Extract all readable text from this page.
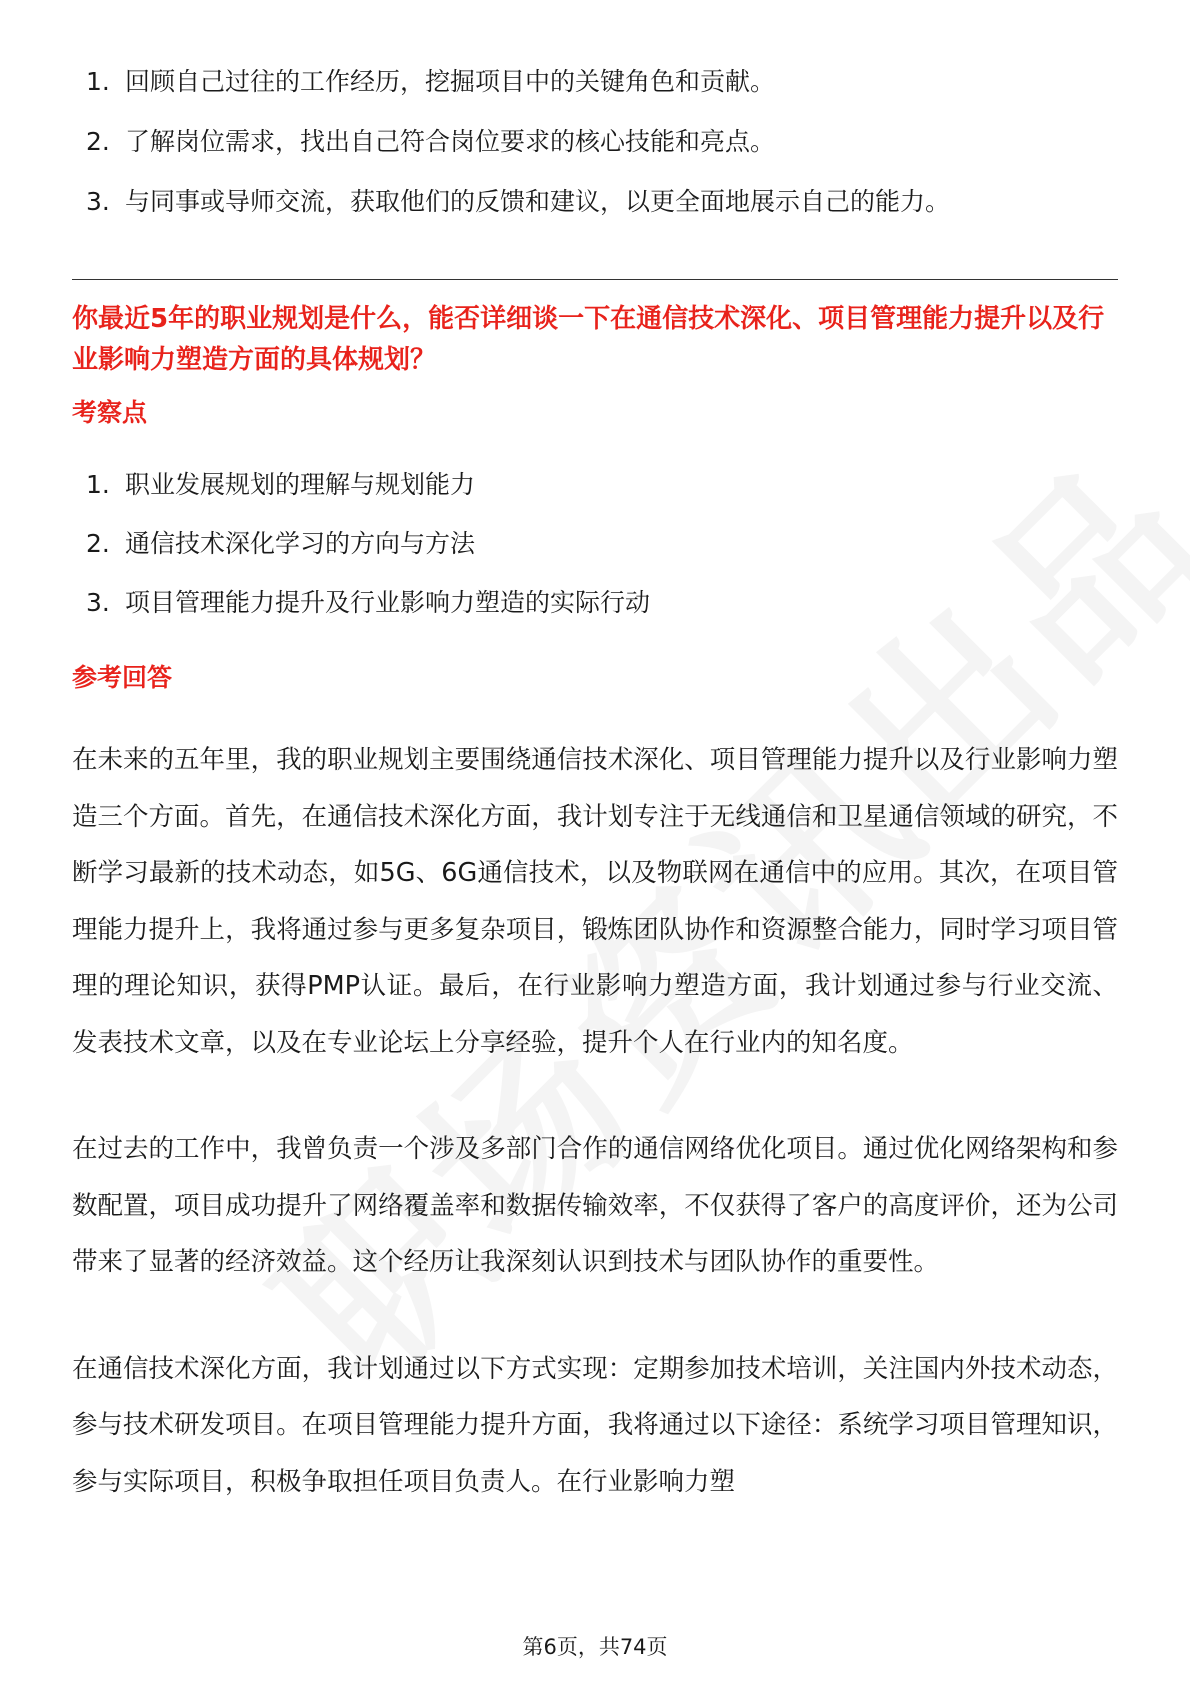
1. 回顾自己过往的工作经历，挖掘项目中的关键角色和贡献。
2. 了解岗位需求，找出自己符合岗位要求的核心技能和亮点。
3. 与同事或导师交流，获取他们的反馈和建议，以更全面地展示自己的能力。
你最近5年的职业规划是什么，能否详细谈一下在通信技术深化、项目管理能力提升以及行业影响力塑造方面的具体规划？
考察点
1. 职业发展规划的理解与规划能力
2. 通信技术深化学习的方向与方法
3. 项目管理能力提升及行业影响力塑造的实际行动
参考回答

在未来的五年里，我的职业规划主要围绕通信技术深化、项目管理能力提升以及行业影响力塑造三个方面。首先，在通信技术深化方面，我计划专注于无线通信和卫星通信领域的研究，不断学习最新的技术动态，如5G、6G通信技术，以及物联网在通信中的应用。其次，在项目管理能力提升上，我将通过参与更多复杂项目，锻炼团队协作和资源整合能力，同时学习项目管理的理论知识，获得PMP认证。最后，在行业影响力塑造方面，我计划通过参与行业交流、发表技术文章，以及在专业论坛上分享经验，提升个人在行业内的知名度。

在过去的工作中，我曾负责一个涉及多部门合作的通信网络优化项目。通过优化网络架构和参数配置，项目成功提升了网络覆盖率和数据传输效率，不仅获得了客户的高度评价，还为公司带来了显著的经济效益。这个经历让我深刻认识到技术与团队协作的重要性。

在通信技术深化方面，我计划通过以下方式实现：定期参加技术培训，关注国内外技术动态，参与技术研发项目。在项目管理能力提升方面，我将通过以下途径：系统学习项目管理知识，参与实际项目，积极争取担任项目负责人。在行业影响力塑

第6页，共74页
